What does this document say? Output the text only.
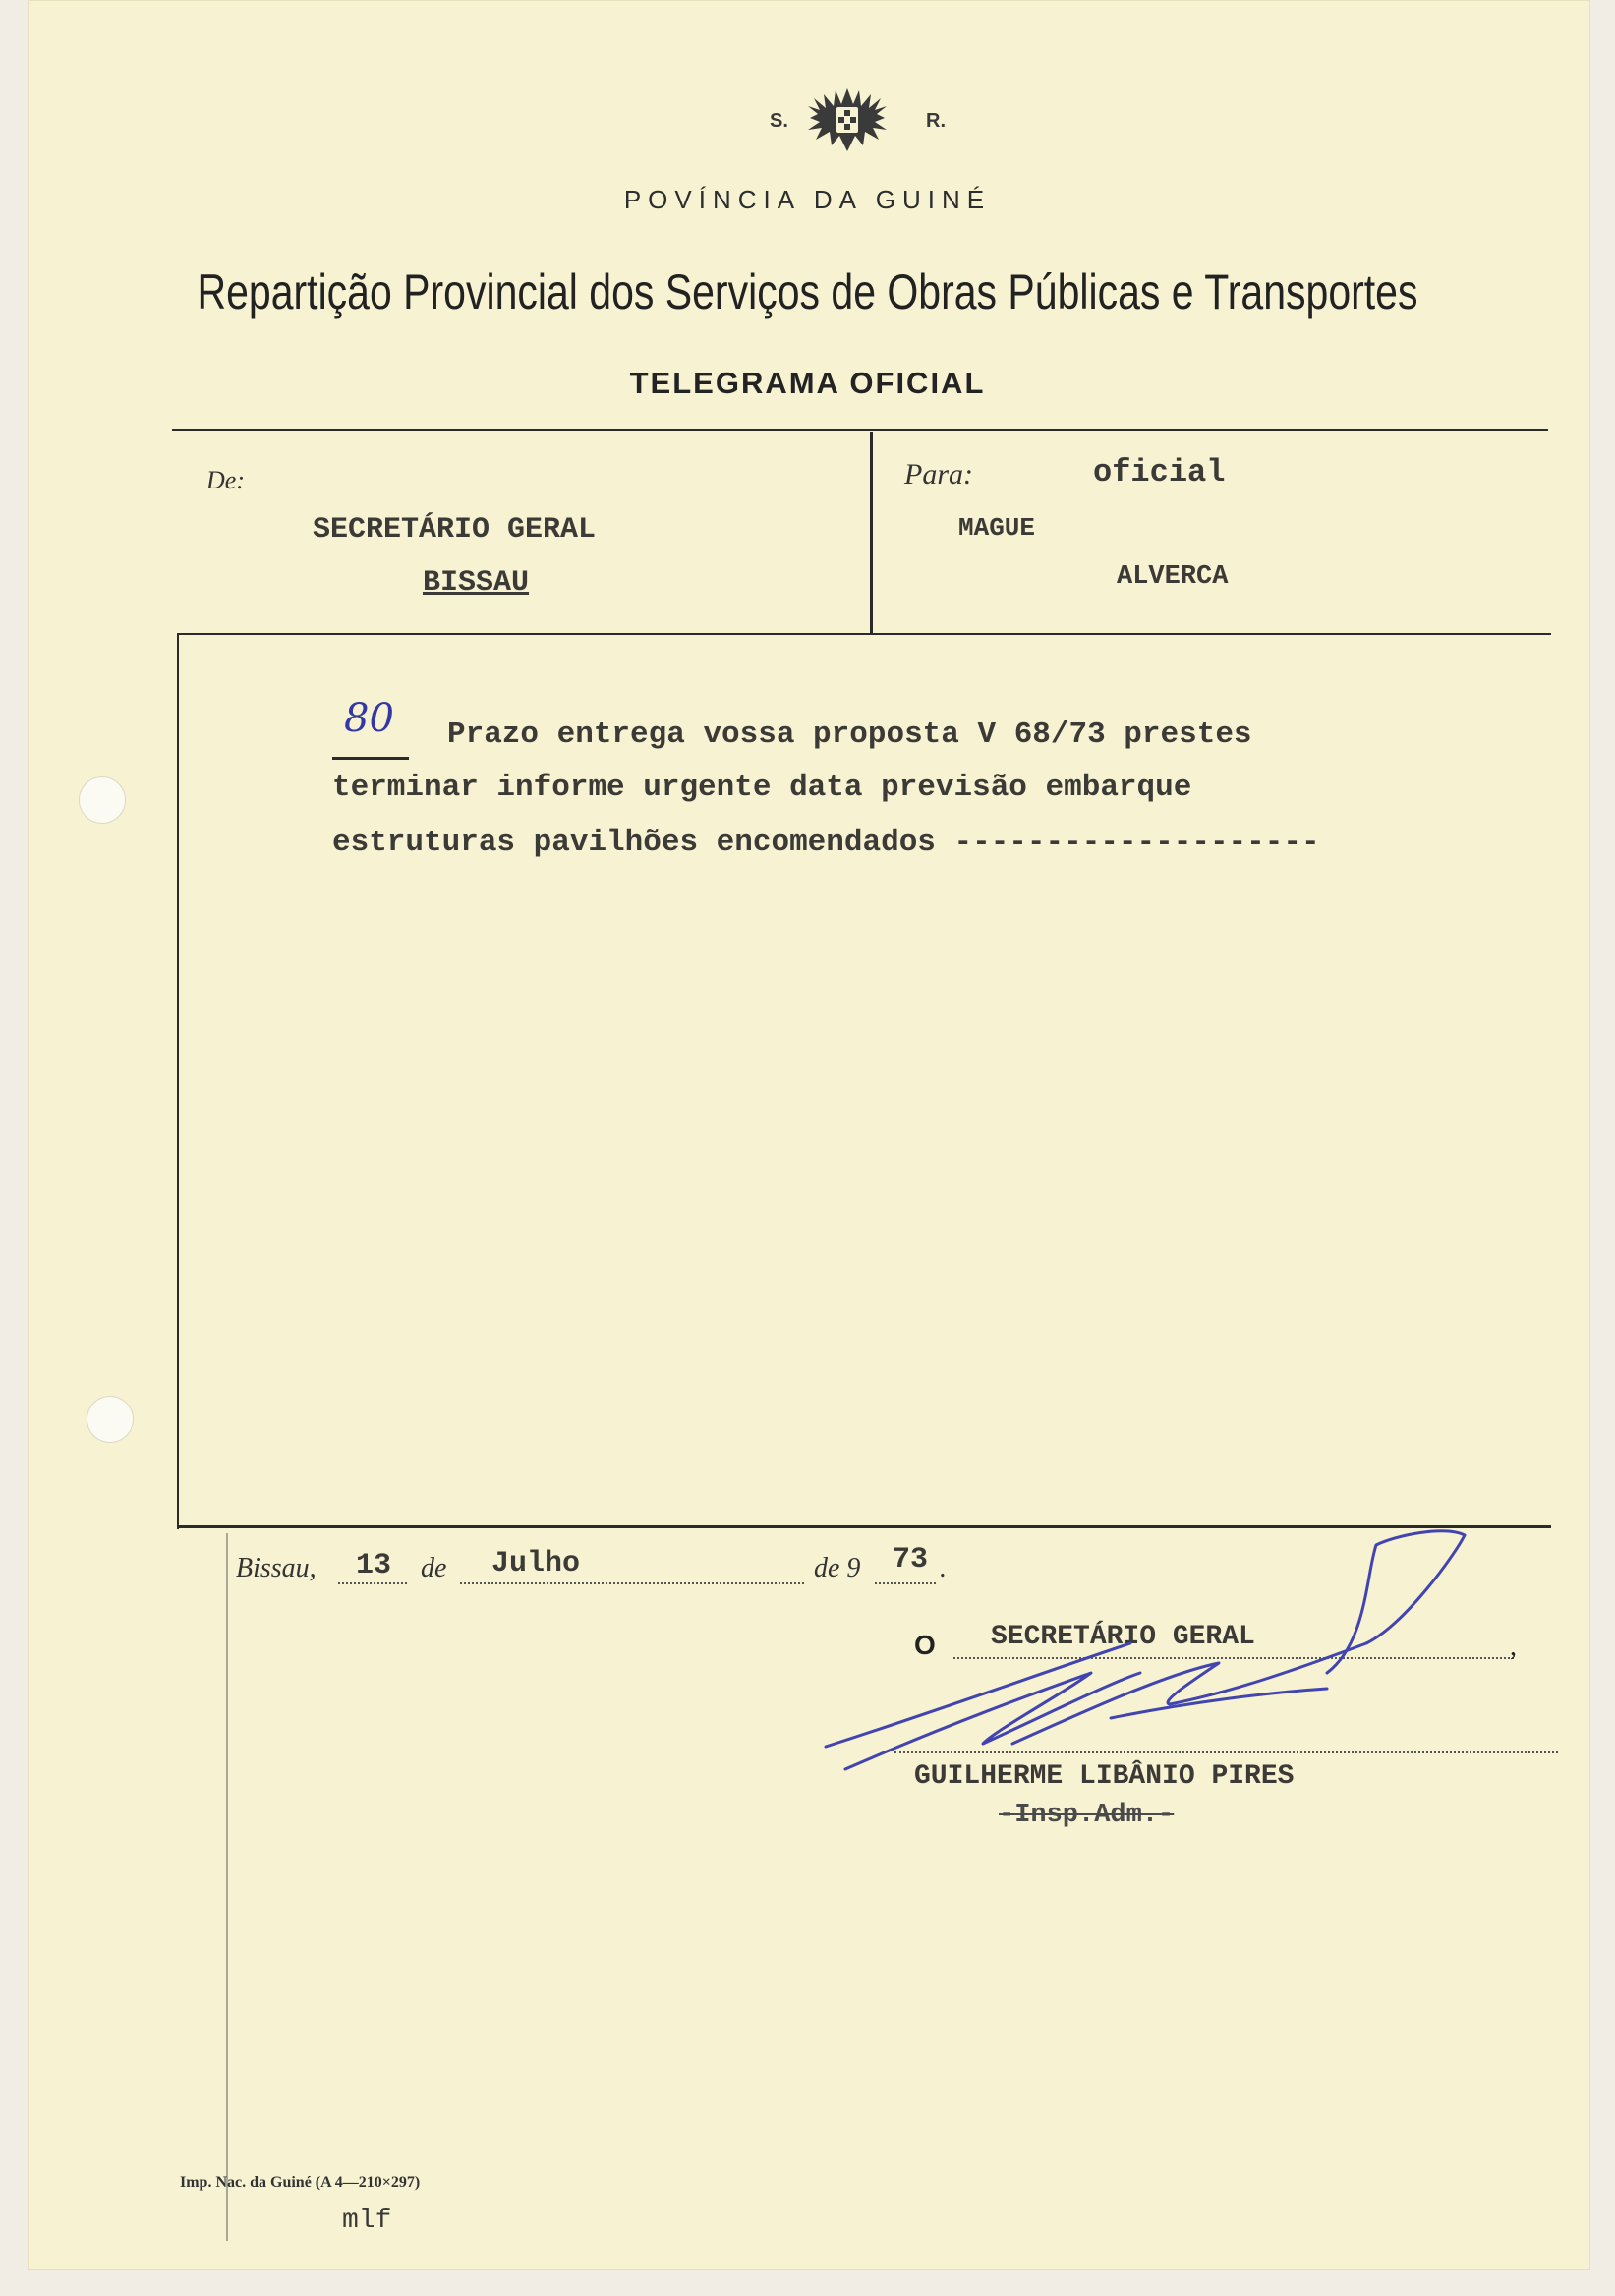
S.	R.
POVÍNCIA DA GUINÉ
Repartição Provincial dos Serviços de Obras Públicas e Transportes
TELEGRAMA OFICIAL
De:
SECRETÁRIO GERAL
BISSAU
Para:	oficial
MAGUE
ALVERCA
80 Prazo entrega vossa proposta V 68/73 prestes
terminar informe urgente data previsão embarque
estruturas pavilhões encomendados --------------------
Bissau, 13 de Julho	de 9 73 .
O SECRETÁRIO GERAL	,
GUILHERME LIBÂNIO PIRES
-Insp.Adm.-
Imp. Nac. da Guiné (A 4—210×297)
mlf
